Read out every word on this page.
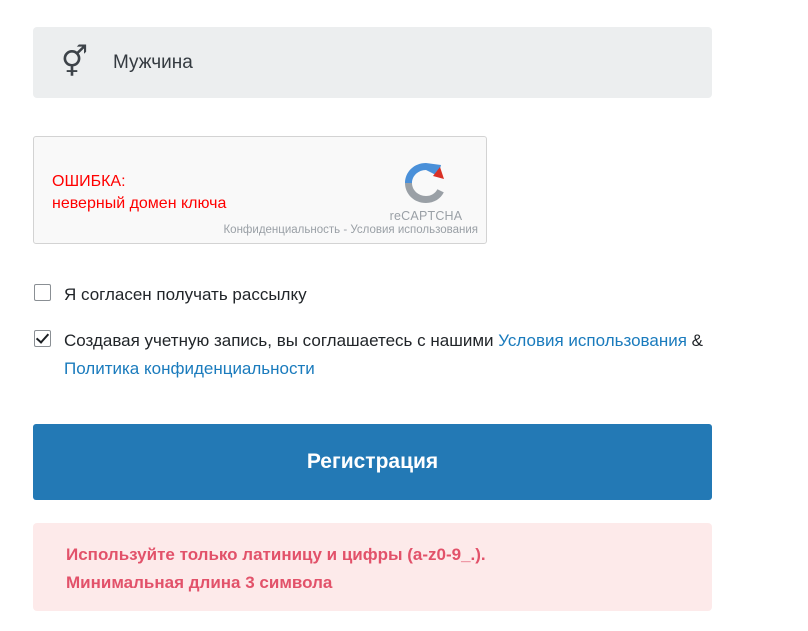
⚥	Мужчина
ОШИБКА:
неверный домен ключа
reCAPTCHA
Конфиденциальность - Условия использования
Я согласен получать рассылку
Создавая учетную запись, вы соглашаетесь с нашими Условия использования & Политика конфиденциальности
Регистрация
Используйте только латиницу и цифры (a-z0-9_.).
Минимальная длина 3 символа
